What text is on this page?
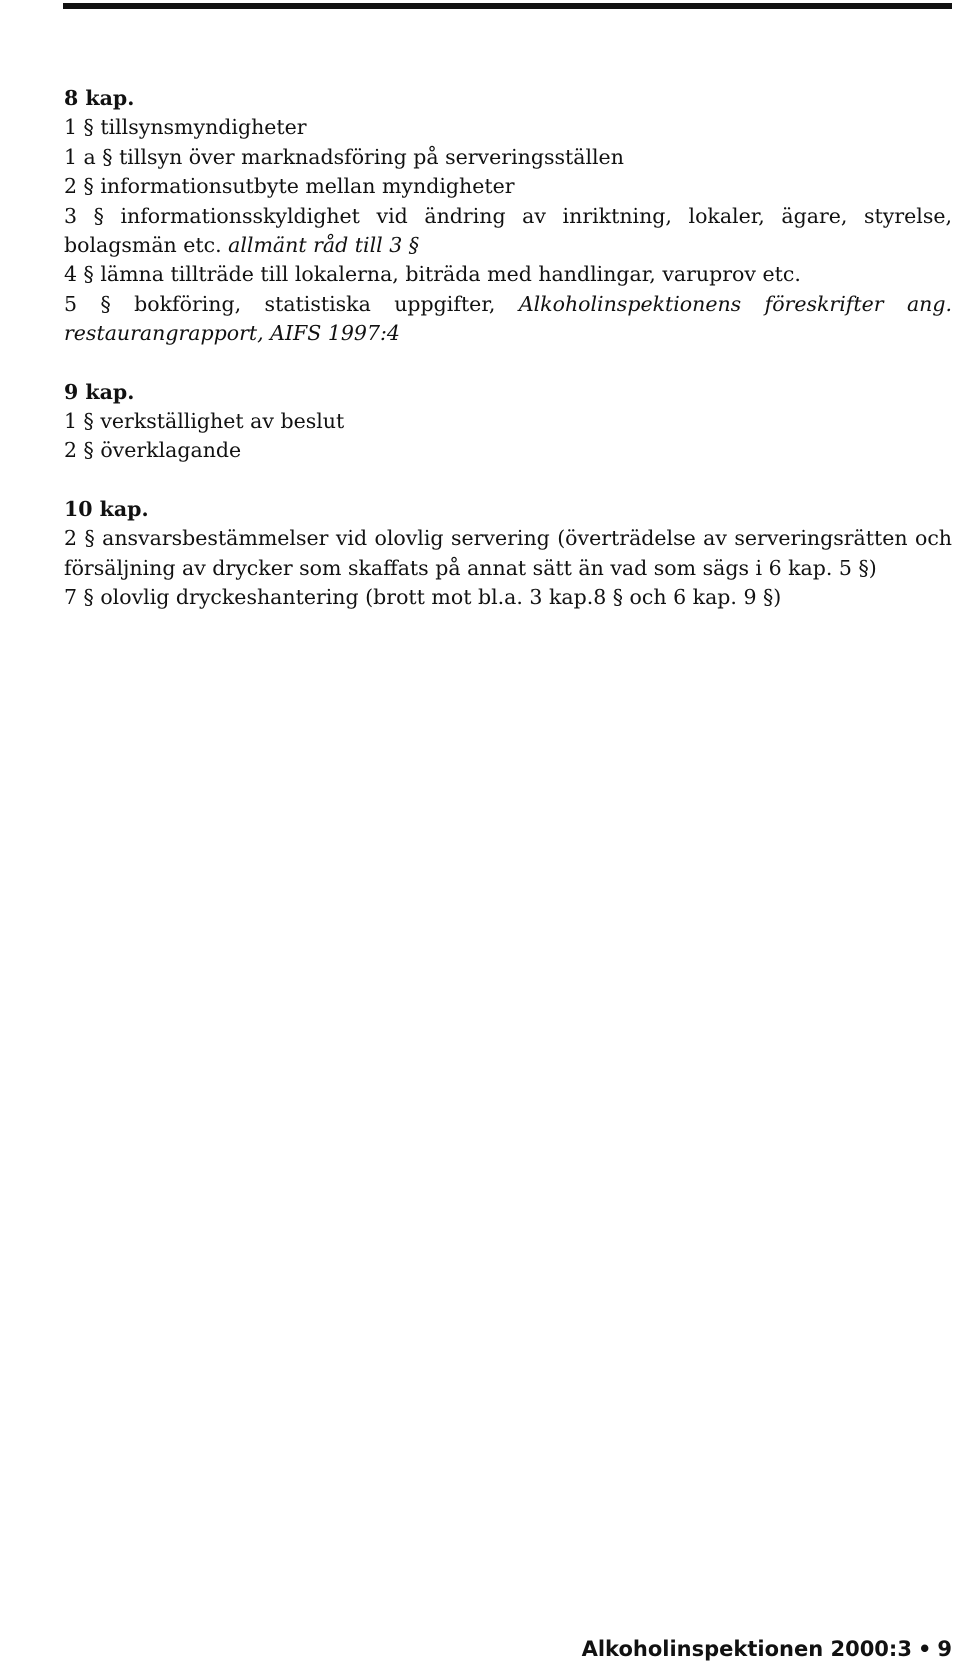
8 kap.

1 § tillsynsmyndigheter

1 a § tillsyn över marknadsföring på serveringsställen

2 § informationsutbyte mellan myndigheter

3 § informationsskyldighet vid ändring av inriktning, lokaler, ägare, styrelse, bolagsmän etc. allmänt råd till 3 §

4 § lämna tillträde till lokalerna, biträda med handlingar, varuprov etc.

5 § bokföring, statistiska uppgifter, Alkoholinspektionens föreskrifter ang. restaurangrapport, AIFS 1997:4

9 kap.

1 § verkställighet av beslut

2 § överklagande

10 kap.

2 § ansvarsbestämmelser vid olovlig servering (överträdelse av serveringsrätten och försäljning av drycker som skaffats på annat sätt än vad som sägs i 6 kap. 5 §)

7 § olovlig dryckeshantering (brott mot bl.a. 3 kap.8 § och 6 kap. 9 §)

Alkoholinspektionen 2000:3 • 9
